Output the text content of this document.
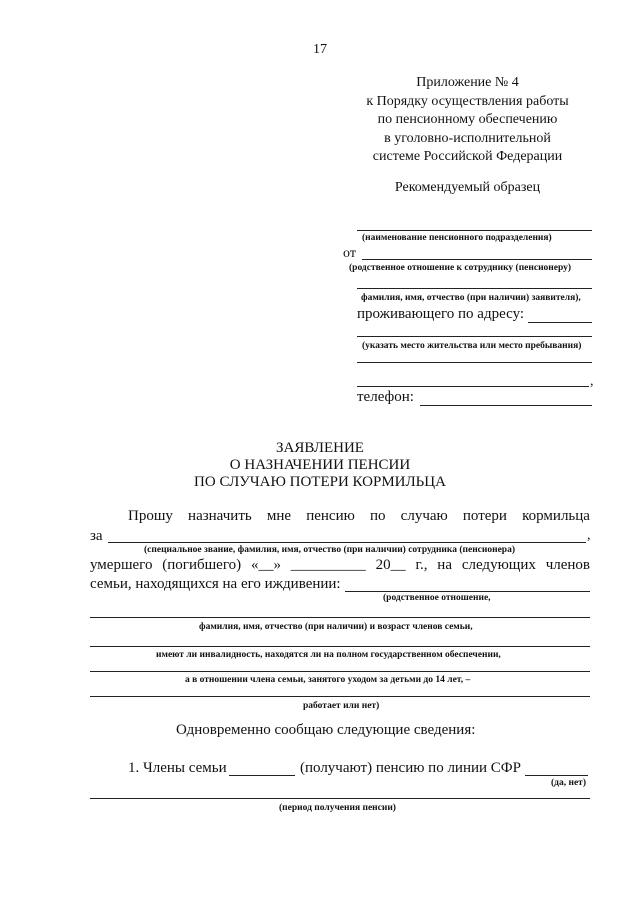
17
Приложение № 4
к Порядку осуществления работы
по пенсионному обеспечению
в уголовно-исполнительной
системе Российской Федерации
Рекомендуемый образец
(наименование пенсионного подразделения)
от
(родственное отношение к сотруднику (пенсионеру)
фамилия, имя, отчество (при наличии) заявителя),
проживающего по адресу:
(указать место жительства или место пребывания)
,
телефон:
ЗАЯВЛЕНИЕ
О НАЗНАЧЕНИИ ПЕНСИИ
ПО СЛУЧАЮ ПОТЕРИ КОРМИЛЬЦА
Прошу назначить мне пенсию по случаю потери кормильца
за	,
(специальное звание, фамилия, имя, отчество (при наличии) сотрудника (пенсионера)
умершего (погибшего) «__» __________ 20__ г., на следующих членов
семьи, находящихся на его иждивении:
(родственное отношение,
фамилия, имя, отчество (при наличии) и возраст членов семьи,
имеют ли инвалидность, находятся ли на полном государственном обеспечении,
а в отношении члена семьи, занятого уходом за детьми до 14 лет, –
работает или нет)
Одновременно сообщаю следующие сведения:
1. Члены семьи	(получают) пенсию по линии СФР
(да, нет)
(период получения пенсии)
